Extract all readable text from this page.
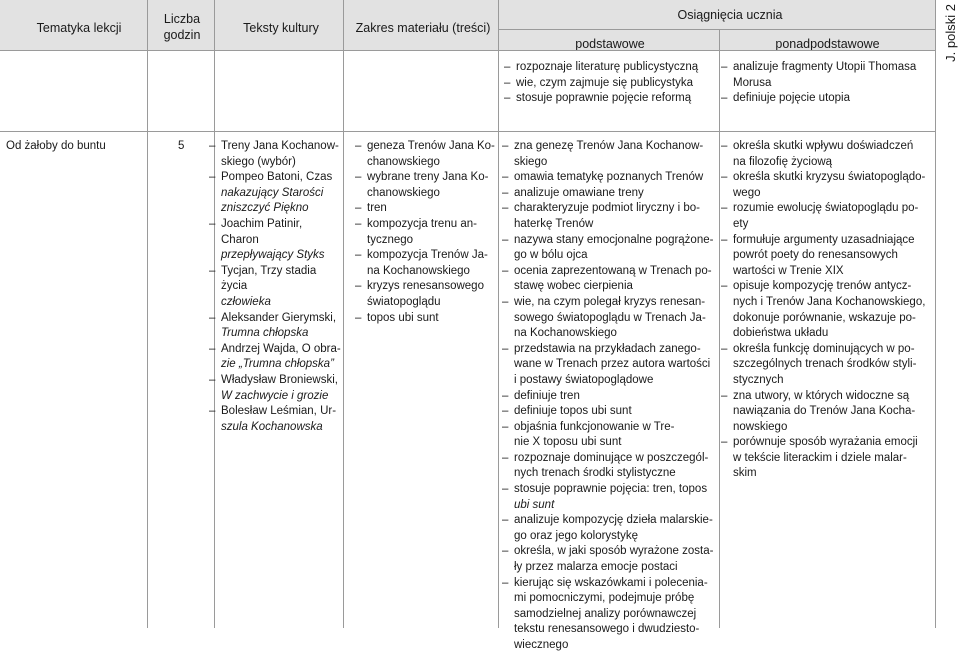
Tematyka lekcji
Liczba
godzin	Teksty kultury	Zakres materiału (treści)
Osiągnięcia ucznia
podstawowe	ponadpodstawowe	J. polski 2
– rozpoznaje literaturę publicystyczną
– wie, czym zajmuje się publicystyka
– stosuje poprawnie pojęcie reformą
– analizuje fragmenty Utopii Thomasa
Morusa
– definiuje pojęcie utopia
Od żałoby do buntu	5
–	Treny Jana Kochanow-
skiego (wybór)
– Pompeo Batoni, Czas
nakazujący Starości
zniszczyć Piękno
– Joachim Patinir, Charon
przepływający Styks
– Tycjan, Trzy stadia życia
człowieka
– Aleksander Gierymski,
Trumna chłopska
– Andrzej Wajda, O obra-
zie „Trumna chłopska”
– Władysław Broniewski,
W zachwycie i grozie
– Bolesław Leśmian, Ur-
szula Kochanowska
– geneza Trenów Jana Ko-
chanowskiego
– wybrane treny Jana Ko-
chanowskiego
– tren
– kompozycja trenu an-
tycznego
– kompozycja Trenów Ja-
na Kochanowskiego
– kryzys renesansowego
światopoglądu
– topos ubi sunt
– zna genezę Trenów Jana Kochanow-
skiego
– omawia tematykę poznanych Trenów
– analizuje omawiane treny
– charakteryzuje podmiot liryczny i bo-
haterkę Trenów
– nazywa stany emocjonalne pogrążone-
go w bólu ojca
– ocenia zaprezentowaną w Trenach po-
stawę wobec cierpienia
– wie, na czym polegał kryzys renesan-
sowego światopoglądu w Trenach Ja-
na Kochanowskiego
– przedstawia na przykładach zanego-
wane w Trenach przez autora wartości
i postawy światopoglądowe
– definiuje tren
– definiuje topos ubi sunt
– objaśnia funkcjonowanie w Tre-
nie X toposu ubi sunt
– rozpoznaje dominujące w poszczegól-
nych trenach środki stylistyczne
– stosuje poprawnie pojęcia: tren, topos
ubi sunt
– analizuje kompozycję dzieła malarskie-
go oraz jego kolorystykę
– określa, w jaki sposób wyrażone zosta-
ły przez malarza emocje postaci
– kierując się wskazówkami i polecenia-
mi pomocniczymi, podejmuje próbę
samodzielnej analizy porównawczej
tekstu renesansowego i dwudziesto-
wiecznego
– określa skutki wpływu doświadczeń
na filozofię życiową
– określa skutki kryzysu światopoglądo-
wego
– rozumie ewolucję światopoglądu po-
ety
– formułuje argumenty uzasadniające
powrót poety do renesansowych
wartości w Trenie XIX
– opisuje kompozycję trenów antycz-
nych i Trenów Jana Kochanowskiego,
dokonuje porównanie, wskazuje po-
dobieństwa układu
– określa funkcję dominujących w po-
szczególnych trenach środków styli-
stycznych
– zna utwory, w których widoczne są
nawiązania do Trenów Jana Kocha-
nowskiego
– porównuje sposób wyrażania emocji
w tekście literackim i dziele malar-
skim
